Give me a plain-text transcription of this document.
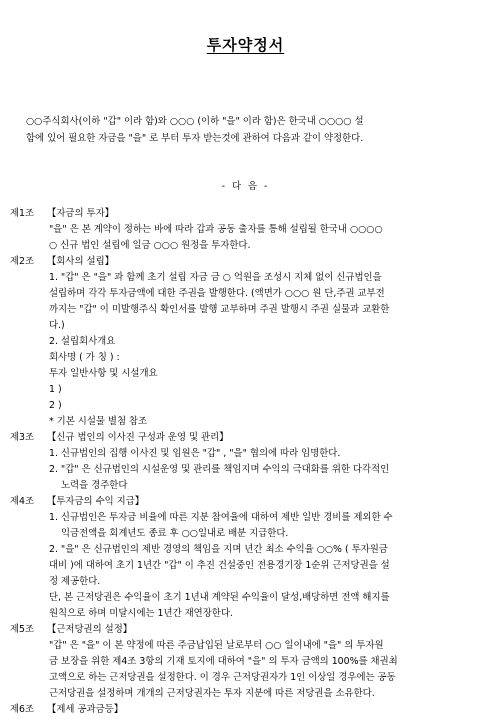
투자약정서

○○주식회사(이하 "갑" 이라 함)와 ○○○ (이하 "을" 이라 함)은 한국내 ○○○○ 설

함에 있어 필요한 자금을 "을" 로 부터 투자 받는것에 관하여 다음과 같이 약정한다.

- 다 음 -
제1조	【자금의 투자】
"을" 은 본 계약이 정하는 바에 따라 갑과 공동 출자를 통해 설립될 한국내 ○○○○
○ 신규 법인 설립에 일금 ○○○ 원정을 투자한다.
제2조	【회사의 설립】
1. "갑" 은 "을" 과 함께 초기 설립 자금 금 ○ 억원을 조성시 지체 없이 신규법인을
설립하며 각각 투자금액에 대한 주권을 발행한다. (액면가 ○○○ 원 단,주권 교부전
까지는 "갑" 이 미발행주식 확인서를 발행 교부하며 주권 발행시 주권 실물과 교환한
다.)
2. 설립회사개요
회사명 ( 가 칭 ) :
투자 일반사항 및 시설개요
1 )
2 )
* 기본 시설물 별첨 참조
제3조	【신규 법인의 이사진 구성과 운영 및 관리】
1. 신규법인의 집행 이사진 및 임원은 "갑" , "을" 협의에 따라 임명한다.
2. "갑" 은 신규법인의 시설운영 및 관리를 책임지며 수익의 극대화를 위한 다각적인
노력을 경주한다
제4조	【투자금의 수익 지급】
1. 신규법인은 투자금 비율에 따른 지분 참여율에 대하여 제반 일반 경비를 제외한 수
익금전액을 회계년도 종료 후 ○○일내로 배분 지급한다.
2. "을" 은 신규법인의 제반 경영의 책임을 지며 년간 최소 수익율 ○○% ( 투자원금
대비 )에 대하여 초기 1년간 "갑" 이 추진 건설중인 전용경기장 1순위 근저당권을 설
정 제공한다.
단, 본 근저당권은 수익율이 초기 1년내 계약된 수익율이 달성,배당하면 전액 해지를
원칙으로 하며 미달시에는 1년간 재연장한다.
제5조	【근저당권의 설정】
"갑" 은 "을" 이 본 약정에 따른 주금납입된 날로부터 ○○ 일이내에 "을" 의 투자원
금 보장을 위한 제4조 3항의 기재 토지에 대하여 "을" 의 투자 금액의 100%를 채권최
고액으로 하는 근저당권을 설정한다. 이 경우 근저당권자가 1인 이상일 경우에는 공동
근저당권을 설정하며 개개의 근저당권자는 투자 지분에 따른 저당권을 소유한다.
제6조	【제세 공과금등】
